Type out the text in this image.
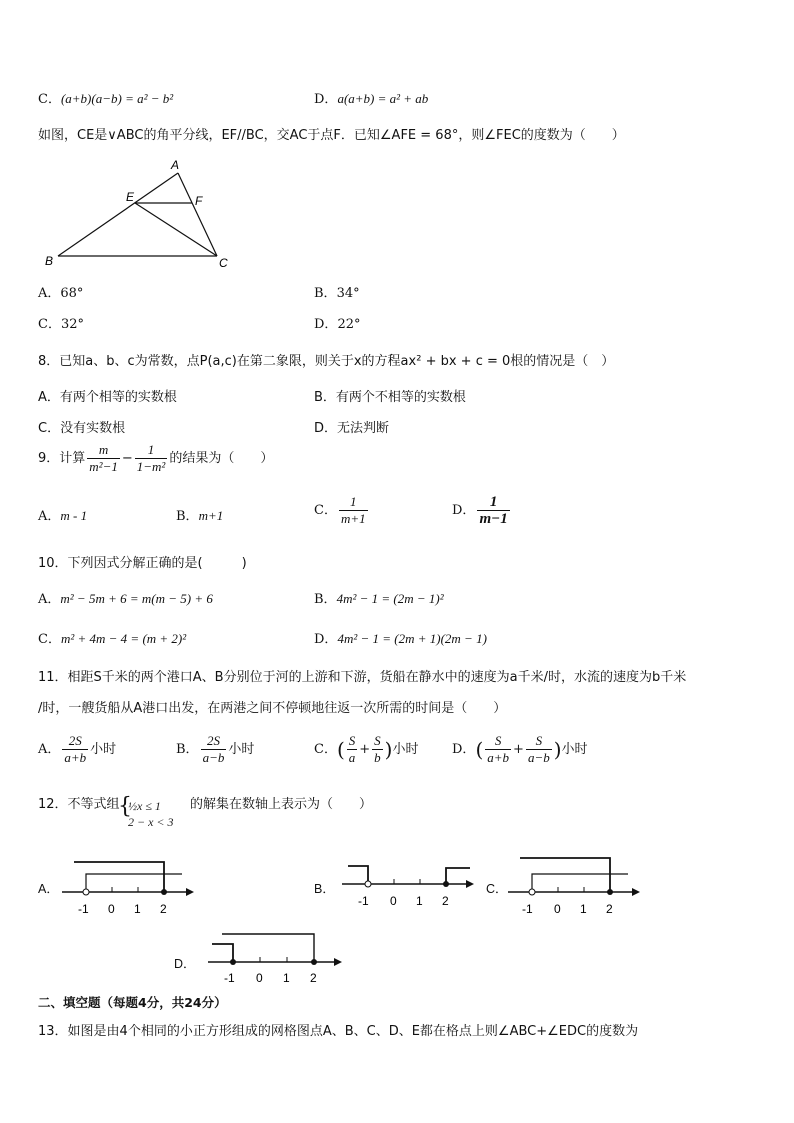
C．(a+b)(a−b) = a² − b²	D．a(a+b) = a² + ab
如图，CE是∨ABC的角平分线，EF//BC，交AC于点F．已知∠AFE = 68°，则∠FEC的度数为（　　）
A
E	F
B	C
A．68°	B．34°
C．32°	D．22°
8．已知a、b、c为常数，点P(a,c)在第二象限，则关于x的方程ax² + bx + c = 0根的情况是（　）
A．有两个相等的实数根	B．有两个不相等的实数根
C．没有实数根	D．无法判断
9．计算 $\frac{m}{\text{m²−1}} - \frac{1}{\text{1−m²}}$ 的结果为（　　）
A．m - 1	B．m+1	C． $\frac{1}{m+1}$	D． $\frac{1}{m-1}$
10．下列因式分解正确的是(　　　)
A．m² − 5m + 6 = m(m − 5) + 6	B．4m² − 1 = (2m − 1)²
C．m² + 4m − 4 = (m + 2)²	D．4m² − 1 = (2m + 1)(2m − 1)
11．相距S千米的两个港口A、B分别位于河的上游和下游，货船在静水中的速度为a千米/时，水流的速度为b千米
/时，一艘货船从A港口出发，在两港之间不停顿地往返一次所需的时间是（　　）
A． $\frac{2S}{a+b}$ 小时	B． $\frac{2S}{a-b}$ 小时	C．( $\frac{S}{a} + \frac{S}{b}$ )小时	D．( $\frac{S}{a+b} + \frac{S}{a-b}$ )小时
12．不等式组
{
½x ≤ 1
2 − x < 3
的解集在数轴上表示为（　　）
A．
-1 0 1 2
B．
-1 0 1 2
C．
-1 0 1 2
D．
-1 0 1 2
二、填空题（每题4分，共24分）
13．如图是由4个相同的小正方形组成的网格图点A、B、C、D、E都在格点上则∠ABC+∠EDC的度数为
